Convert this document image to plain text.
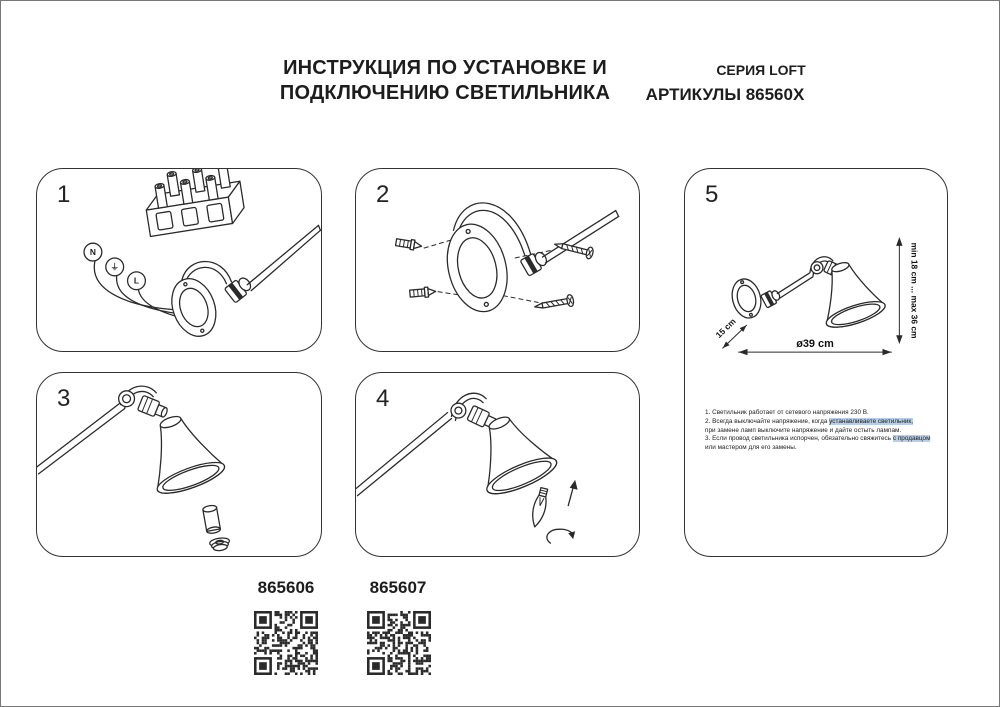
ИНСТРУКЦИЯ ПО УСТАНОВКЕ И
ПОДКЛЮЧЕНИЮ СВЕТИЛЬНИКА
СЕРИЯ LOFT
АРТИКУЛЫ 86560X
1
N
⏚
L
2
3	4
5
min 18 cm ... max 36 cm
ø39 cm
15 cm
1. Светильник работает от сетевого напряжения 230 В.
2. Всегда выключайте напряжение, когда устанавливаете светильник,
при замене ламп выключите напряжение и дайте остыть лампам.
3. Если провод светильника испорчен, обязательно свяжитесь с продавцом
или мастером для его замены.
865606	865607
